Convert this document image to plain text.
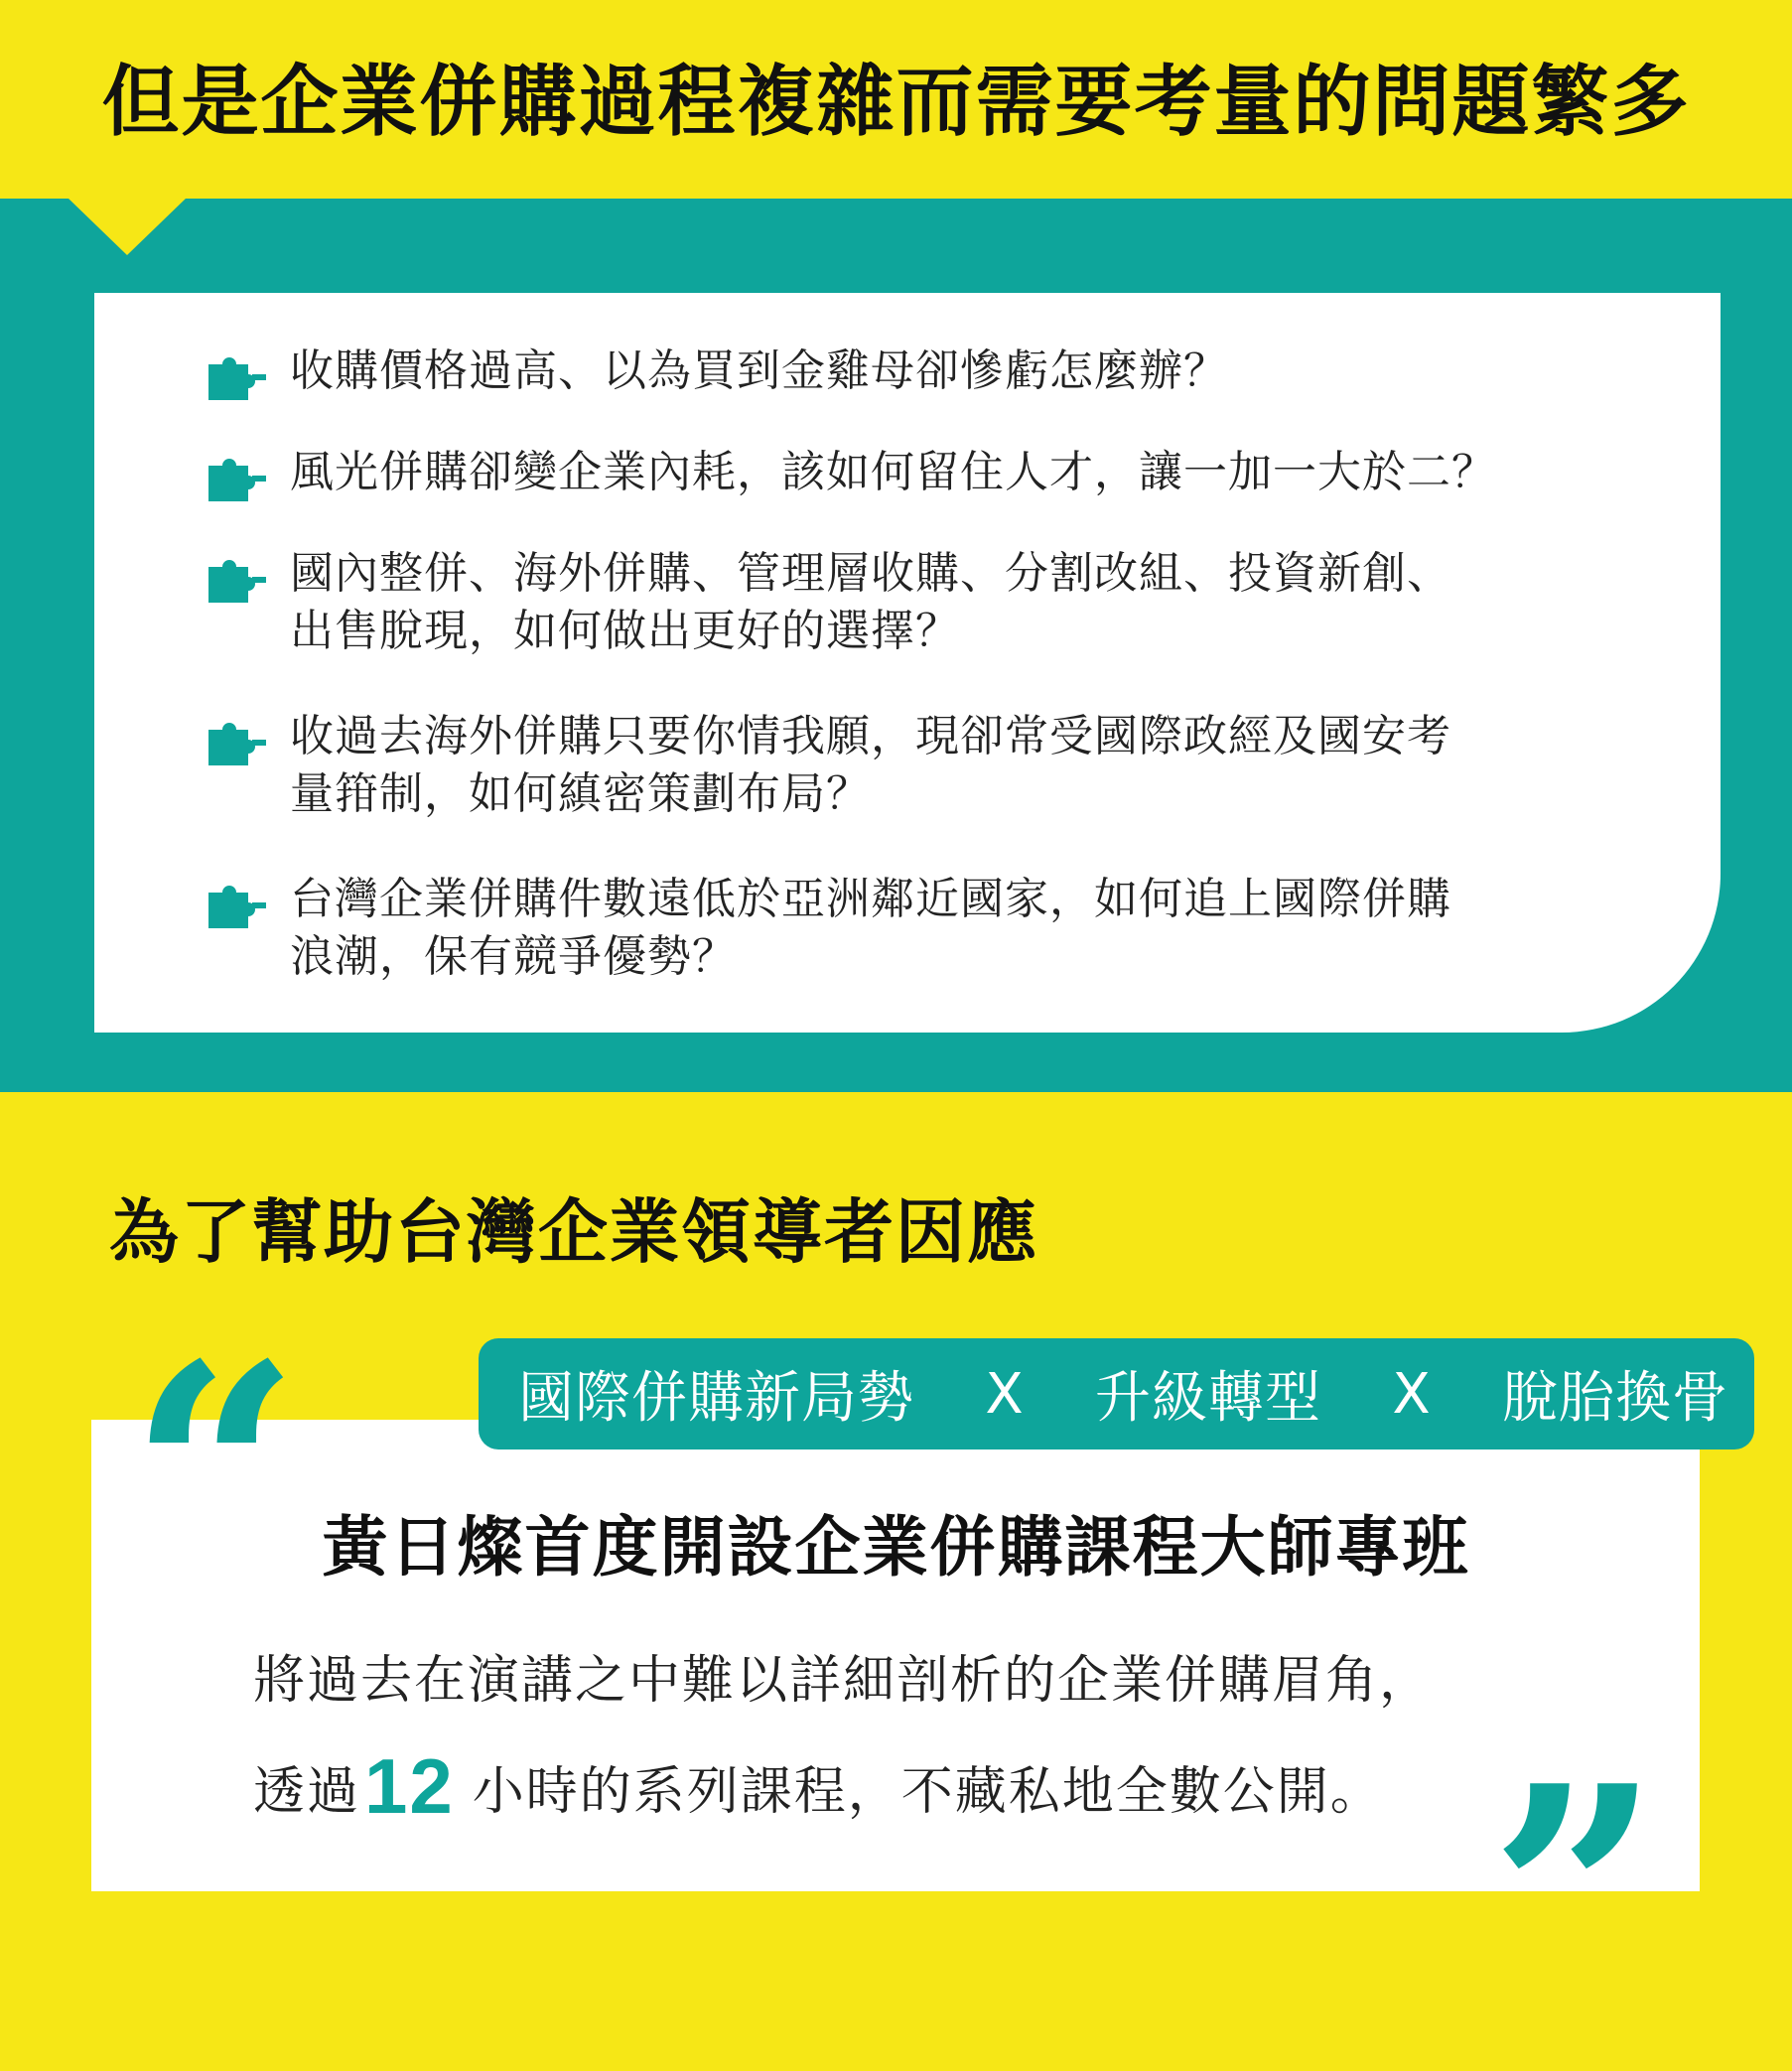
但是企業併購過程複雜而需要考量的問題繁多
收購價格過高、以為買到金雞母卻慘虧怎麼辦？
風光併購卻變企業內耗，該如何留住人才，讓一加一大於二？
國內整併、海外併購、管理層收購、分割改組、投資新創、
出售脫現，如何做出更好的選擇？
收過去海外併購只要你情我願，現卻常受國際政經及國安考
量箝制，如何縝密策劃布局？
台灣企業併購件數遠低於亞洲鄰近國家，如何追上國際併購
浪潮，保有競爭優勢？
為了幫助台灣企業領導者因應
“	國際併購新局勢 X 升級轉型 X 脫胎換骨
黃日燦首度開設企業併購課程大師專班
將過去在演講之中難以詳細剖析的企業併購眉角，
透過12 小時的系列課程，不藏私地全數公開。 ”
